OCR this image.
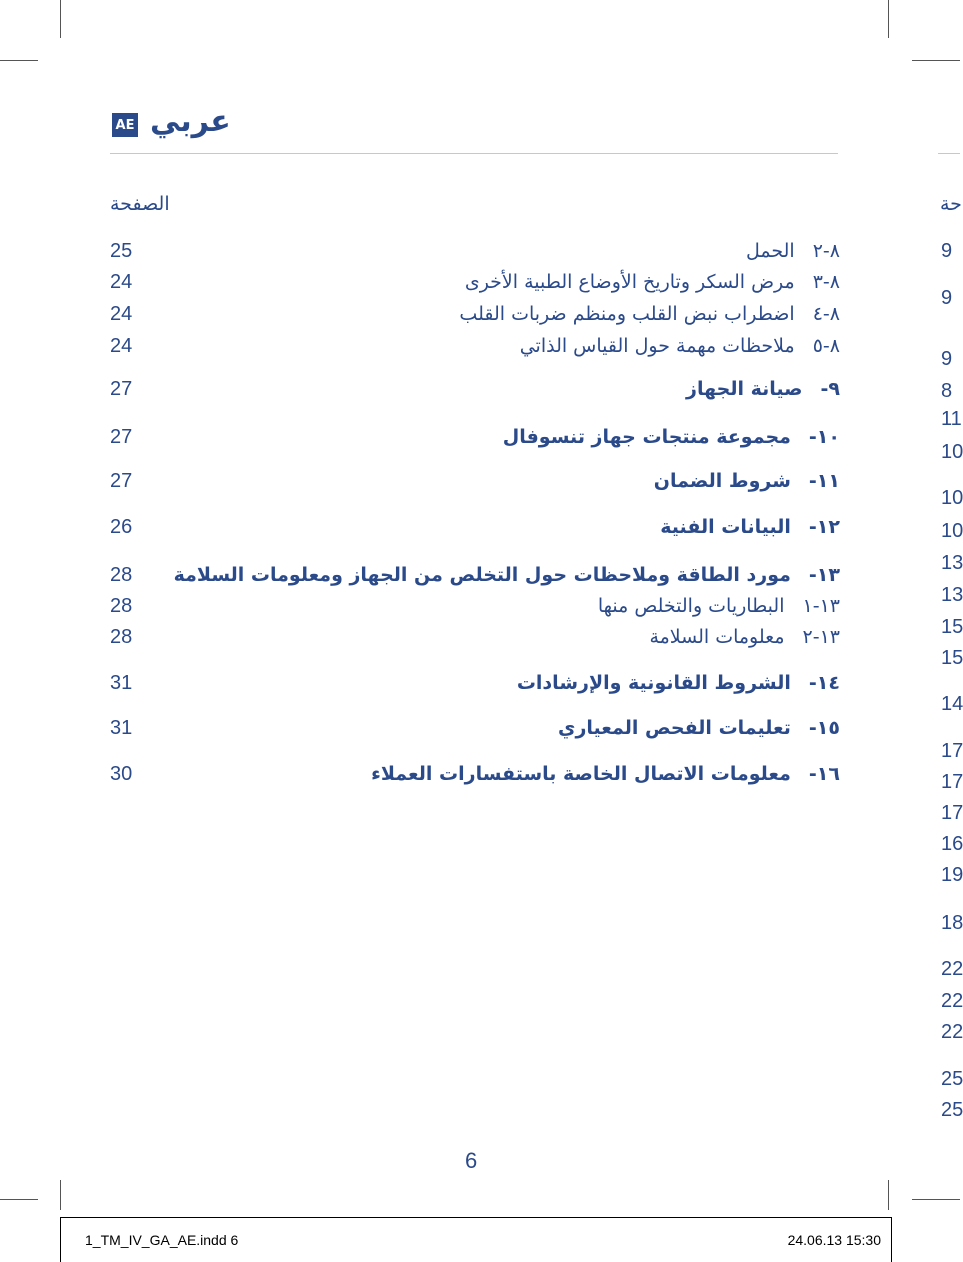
AE عربي
الصفحة	حة
25	٨-٢الحمل
24	٨-٣مرض السكر وتاريخ الأوضاع الطبية الأخرى
24	٨-٤اضطراب نبض القلب ومنظم ضربات القلب
24	٨-٥ملاحظات مهمة حول القياس الذاتي
27	٩-صيانة الجهاز
27	١٠-مجموعة منتجات جهاز تنسوفال
27	١١-شروط الضمان
26	١٢-البيانات الفنية
28	١٣-مورد الطاقة وملاحظات حول التخلص من الجهاز ومعلومات السلامة
28	١٣-١البطاريات والتخلص منها
28	١٣-٢معلومات السلامة
31	١٤-الشروط القانونية والإرشادات
31	١٥-تعليمات الفحص المعياري
30	١٦-معلومات الاتصال الخاصة باستفسارات العملاء
9
9
9
8
11
10
10
10
13
13
15
15
14
17
17
17
16
19
18
22
22
22
25
25
6
1_TM_IV_GA_AE.indd 6	24.06.13 15:30
